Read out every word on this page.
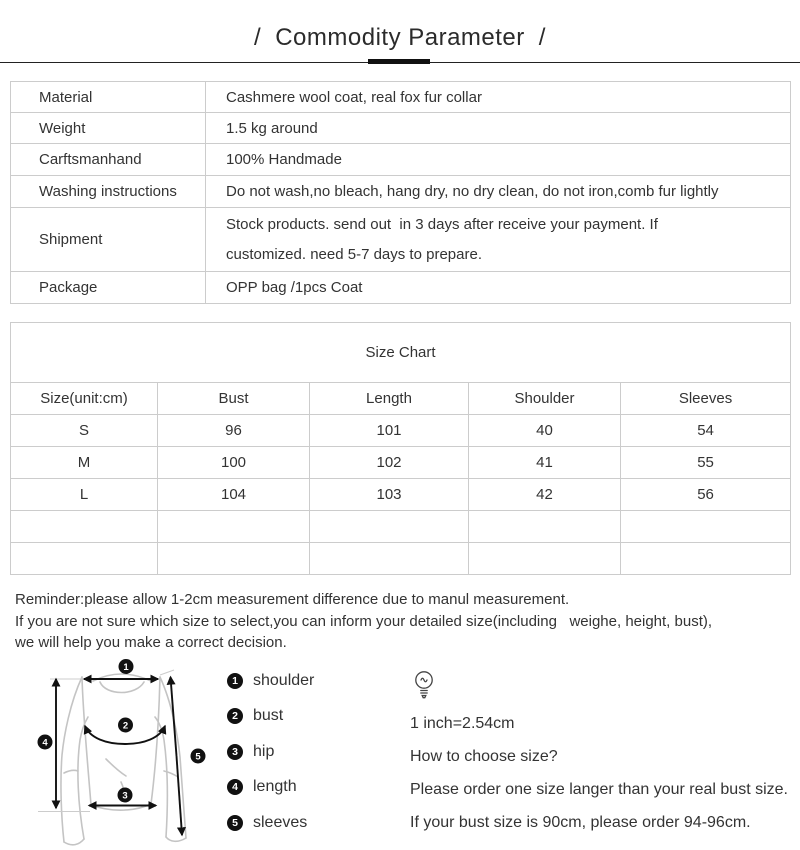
/ Commodity Parameter /
Material	Cashmere wool coat, real fox fur collar
Weight	1.5 kg around
Carftsmanhand	100% Handmade
Washing instructions	Do not wash,no bleach, hang dry, no dry clean, do not iron,comb fur lightly
Shipment	Stock products. send out  in 3 days after receive your payment. If
customized. need 5-7 days to prepare.

Package	OPP bag /1pcs Coat
Size Chart				
Size(unit:cm)	Bust	Length	Shoulder	Sleeves
S	96	101	40	54
M	100	102	41	55
L	104	103	42	56

Reminder:please allow 1-2cm measurement difference due to manul measurement.
If you are not sure which size to select,you can inform your detailed size(including   weighe, height, bust),
we will help you make a correct decision.
1
2
3
4
5
1 shoulder
2 bust
3 hip
4 length
5 sleeves

1 inch=2.54cm

How to choose size?

Please order one size langer than your real bust size.

If your bust size is 90cm, please order 94-96cm.
